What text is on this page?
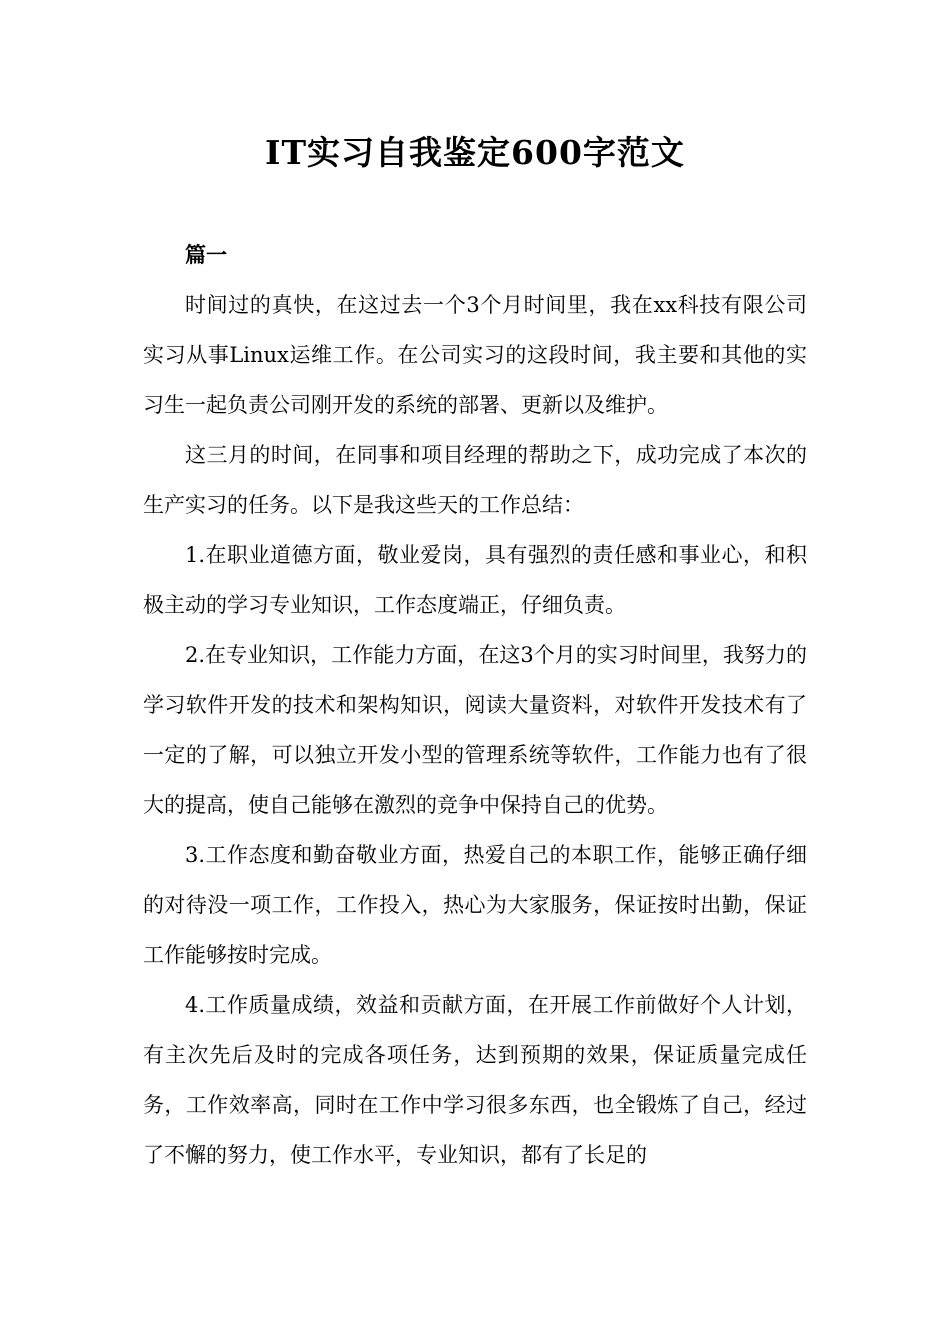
IT实习自我鉴定600字范文

篇一

时间过的真快，在这过去一个3个月时间里，我在xx科技有限公司实习从事Linux运维工作。在公司实习的这段时间，我主要和其他的实习生一起负责公司刚开发的系统的部署、更新以及维护。

这三月的时间，在同事和项目经理的帮助之下，成功完成了本次的生产实习的任务。以下是我这些天的工作总结：

1.在职业道德方面，敬业爱岗，具有强烈的责任感和事业心，和积极主动的学习专业知识，工作态度端正，仔细负责。

2.在专业知识，工作能力方面，在这3个月的实习时间里，我努力的学习软件开发的技术和架构知识，阅读大量资料，对软件开发技术有了一定的了解，可以独立开发小型的管理系统等软件，工作能力也有了很大的提高，使自己能够在激烈的竞争中保持自己的优势。

3.工作态度和勤奋敬业方面，热爱自己的本职工作，能够正确仔细的对待没一项工作，工作投入，热心为大家服务，保证按时出勤，保证工作能够按时完成。

4.工作质量成绩，效益和贡献方面，在开展工作前做好个人计划，有主次先后及时的完成各项任务，达到预期的效果，保证质量完成任务，工作效率高，同时在工作中学习很多东西，也全锻炼了自己，经过了不懈的努力，使工作水平，专业知识，都有了长足的
